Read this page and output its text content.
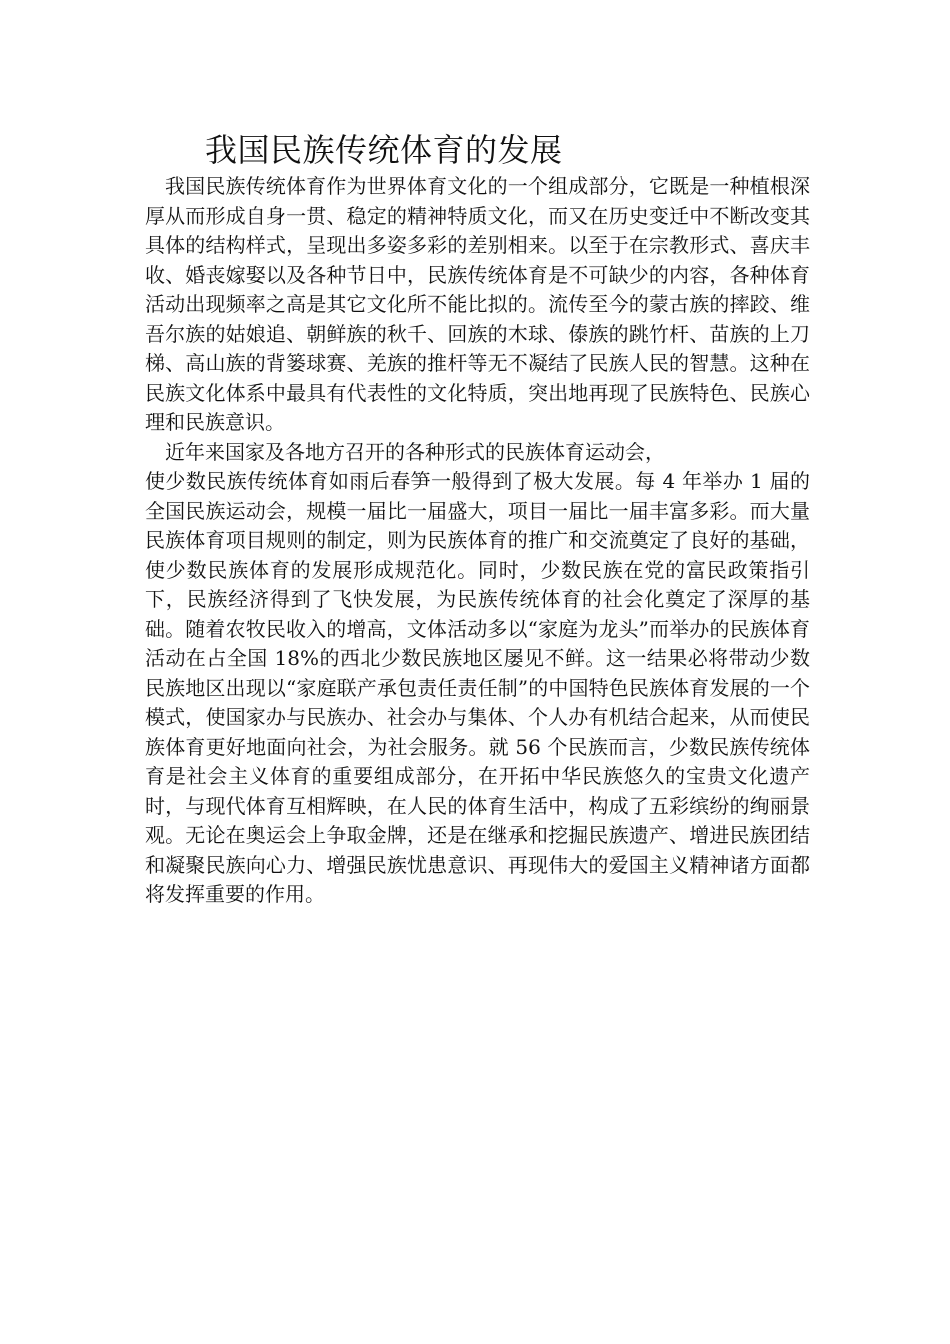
我国民族传统体育的发展

我国民族传统体育作为世界体育文化的一个组成部分，它既是一种植根深厚从而形成自身一贯、稳定的精神特质文化，而又在历史变迁中不断改变其具体的结构样式，呈现出多姿多彩的差别相来。以至于在宗教形式、喜庆丰收、婚丧嫁娶以及各种节日中，民族传统体育是不可缺少的内容，各种体育活动出现频率之高是其它文化所不能比拟的。流传至今的蒙古族的摔跤、维吾尔族的姑娘追、朝鲜族的秋千、回族的木球、傣族的跳竹杆、苗族的上刀梯、高山族的背篓球赛、羌族的推杆等无不凝结了民族人民的智慧。这种在民族文化体系中最具有代表性的文化特质，突出地再现了民族特色、民族心理和民族意识。

近年来国家及各地方召开的各种形式的民族体育运动会，

使少数民族传统体育如雨后春笋一般得到了极大发展。每 4 年举办 1 届的全国民族运动会，规模一届比一届盛大，项目一届比一届丰富多彩。而大量民族体育项目规则的制定，则为民族体育的推广和交流奠定了良好的基础，使少数民族体育的发展形成规范化。同时，少数民族在党的富民政策指引下，民族经济得到了飞快发展，为民族传统体育的社会化奠定了深厚的基础。随着农牧民收入的增高，文体活动多以“家庭为龙头”而举办的民族体育活动在占全国 18%的西北少数民族地区屡见不鲜。这一结果必将带动少数民族地区出现以“家庭联产承包责任责任制”的中国特色民族体育发展的一个模式，使国家办与民族办、社会办与集体、个人办有机结合起来，从而使民族体育更好地面向社会，为社会服务。就 56 个民族而言，少数民族传统体育是社会主义体育的重要组成部分，在开拓中华民族悠久的宝贵文化遗产时，与现代体育互相辉映，在人民的体育生活中，构成了五彩缤纷的绚丽景观。无论在奥运会上争取金牌，还是在继承和挖掘民族遗产、增进民族团结和凝聚民族向心力、增强民族忧患意识、再现伟大的爱国主义精神诸方面都将发挥重要的作用。
